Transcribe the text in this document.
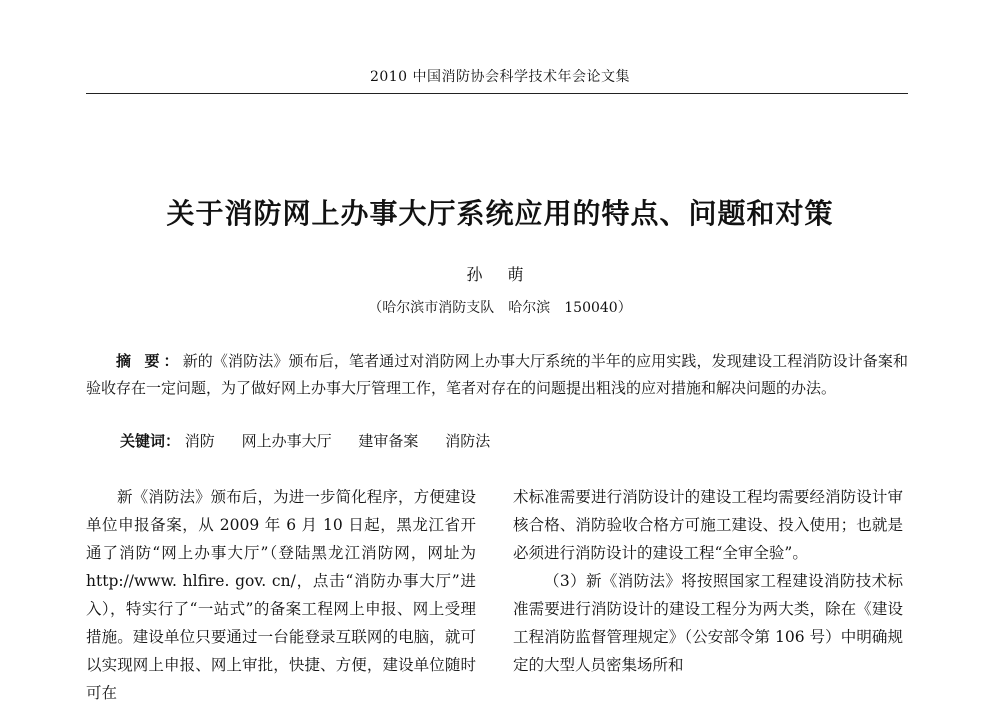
2010 中国消防协会科学技术年会论文集
关于消防网上办事大厅系统应用的特点、问题和对策
孙 萌
（哈尔滨市消防支队　哈尔滨　150040）
摘 要：新的《消防法》颁布后，笔者通过对消防网上办事大厅系统的半年的应用实践，发现建设工程消防设计备案和验收存在一定问题，为了做好网上办事大厅管理工作，笔者对存在的问题提出粗浅的应对措施和解决问题的办法。
关键词： 消防 网上办事大厅 建审备案 消防法

新《消防法》颁布后，为进一步简化程序，方便建设单位申报备案，从 2009 年 6 月 10 日起，黑龙江省开通了消防“网上办事大厅”（登陆黑龙江消防网，网址为 http://www. hlfire. gov. cn/，点击“消防办事大厅”进入），特实行了“一站式”的备案工程网上申报、网上受理措施。建设单位只要通过一台能登录互联网的电脑，就可以实现网上申报、网上审批，快捷、方便，建设单位随时可在

术标准需要进行消防设计的建设工程均需要经消防设计审核合格、消防验收合格方可施工建设、投入使用；也就是必须进行消防设计的建设工程“全审全验”。

（3）新《消防法》将按照国家工程建设消防技术标准需要进行消防设计的建设工程分为两大类，除在《建设工程消防监督管理规定》（公安部令第 106 号）中明确规定的大型人员密集场所和
